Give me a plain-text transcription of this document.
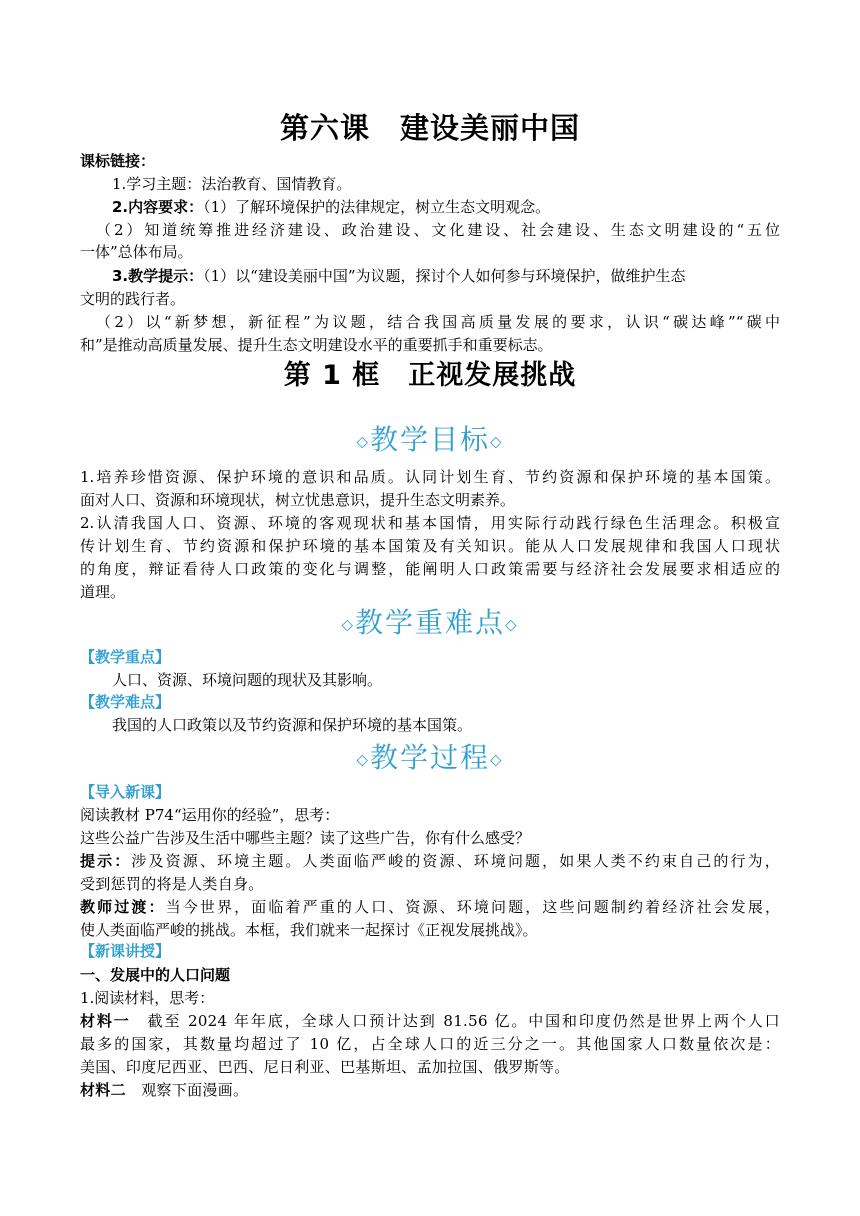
第六课　建设美丽中国
课标链接：
1.学习主题：法治教育、国情教育。
2.内容要求：（1）了解环境保护的法律规定，树立生态文明观念。
（2）知道统筹推进经济建设、政治建设、文化建设、社会建设、生态文明建设的“五位
一体”总体布局。
3.教学提示：（1）以“建设美丽中国”为议题，探讨个人如何参与环境保护，做维护生态
文明的践行者。
（2）以“新梦想，新征程”为议题，结合我国高质量发展的要求，认识“碳达峰”“碳中
和”是推动高质量发展、提升生态文明建设水平的重要抓手和重要标志。
第 1 框　正视发展挑战
◇教学目标◇
1.培养珍惜资源、保护环境的意识和品质。认同计划生育、节约资源和保护环境的基本国策。
面对人口、资源和环境现状，树立忧患意识，提升生态文明素养。
2.认清我国人口、资源、环境的客观现状和基本国情，用实际行动践行绿色生活理念。积极宣
传计划生育、节约资源和保护环境的基本国策及有关知识。能从人口发展规律和我国人口现状
的角度，辩证看待人口政策的变化与调整，能阐明人口政策需要与经济社会发展要求相适应的
道理。
◇教学重难点◇
【教学重点】
人口、资源、环境问题的现状及其影响。
【教学难点】
我国的人口政策以及节约资源和保护环境的基本国策。
◇教学过程◇
【导入新课】
阅读教材 P74“运用你的经验”，思考：
这些公益广告涉及生活中哪些主题？读了这些广告，你有什么感受？
提示：涉及资源、环境主题。人类面临严峻的资源、环境问题，如果人类不约束自己的行为，
受到惩罚的将是人类自身。
教师过渡：当今世界，面临着严重的人口、资源、环境问题，这些问题制约着经济社会发展，
使人类面临严峻的挑战。本框，我们就来一起探讨《正视发展挑战》。
【新课讲授】
一、发展中的人口问题
1.阅读材料，思考：
材料一　 截至 2024 年年底，全球人口预计达到 81.56 亿。中国和印度仍然是世界上两个人口
最多的国家，其数量均超过了 10 亿，占全球人口的近三分之一。其他国家人口数量依次是：
美国、印度尼西亚、巴西、尼日利亚、巴基斯坦、孟加拉国、俄罗斯等。
材料二　 观察下面漫画。
